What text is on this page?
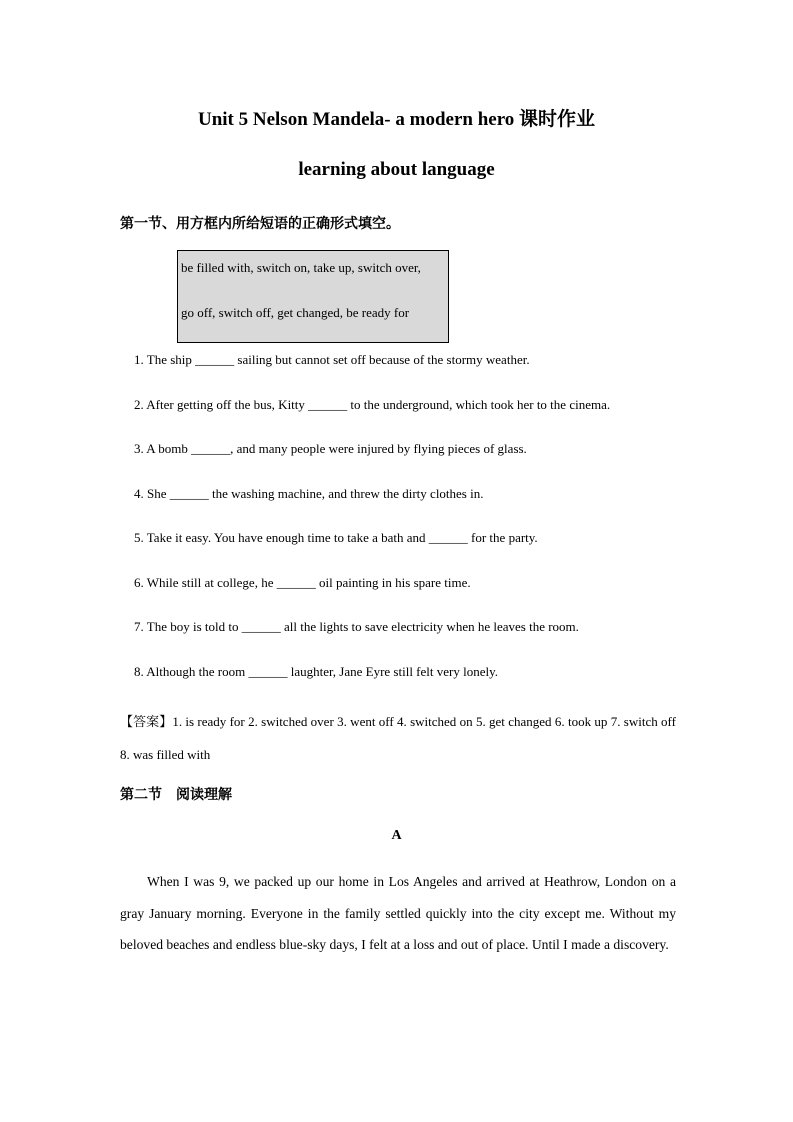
Unit 5 Nelson Mandela- a modern hero 课时作业
learning about language

第一节、用方框内所给短语的正确形式填空。

be filled with, switch on, take up, switch over,
go off, switch off, get changed, be ready for
1. The ship ______ sailing but cannot set off because of the stormy weather.
2. After getting off the bus, Kitty ______ to the underground, which took her to the cinema.
3. A bomb ______, and many people were injured by flying pieces of glass.
4. She ______ the washing machine, and threw the dirty clothes in.
5. Take it easy. You have enough time to take a bath and ______ for the party.
6. While still at college, he ______ oil painting in his spare time.
7. The boy is told to ______ all the lights to save electricity when he leaves the room.
8. Although the room ______ laughter, Jane Eyre still felt very lonely.

【答案】1. is ready for 2. switched over 3. went off 4. switched on 5. get changed 6. took up 7. switch off 8. was filled with

第二节　阅读理解

A

When I was 9, we packed up our home in Los Angeles and arrived at Heathrow, London on a gray January morning. Everyone in the family settled quickly into the city except me. Without my beloved beaches and endless blue-sky days, I felt at a loss and out of place. Until I made a discovery.
